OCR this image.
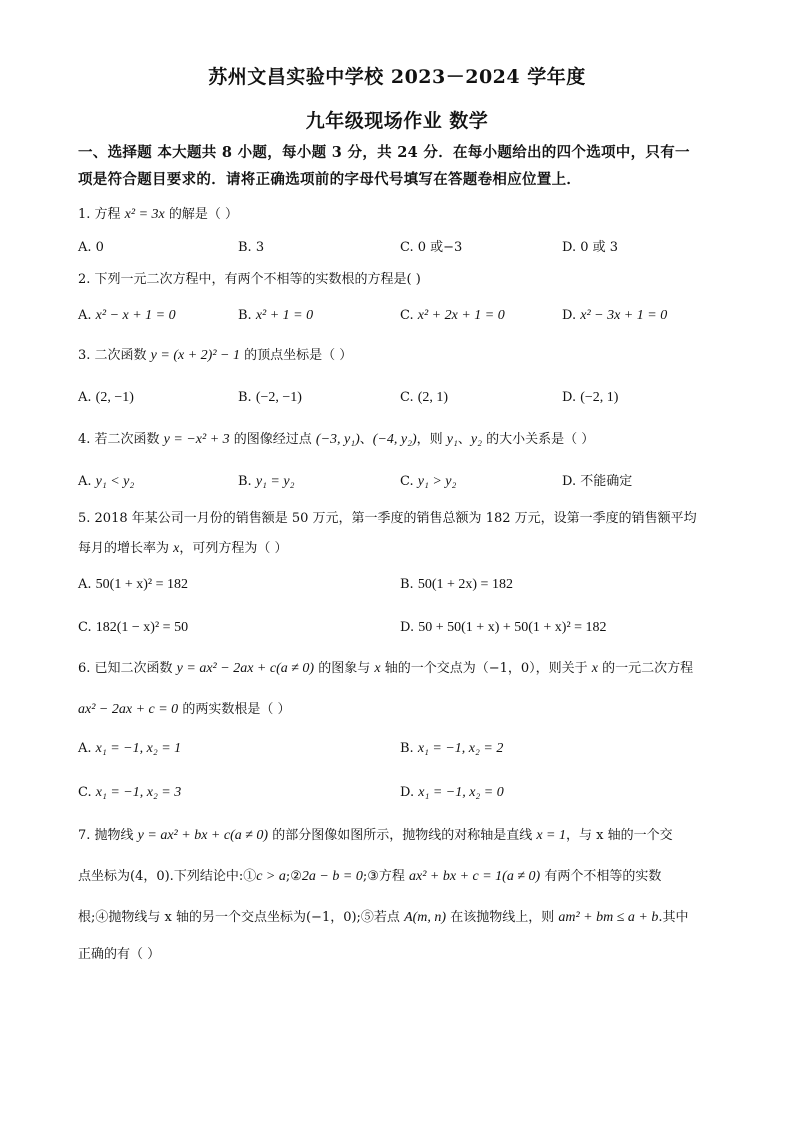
苏州文昌实验中学校 2023－2024 学年度
九年级现场作业 数学
一、选择题 本大题共 8 小题，每小题 3 分，共 24 分．在每小题给出的四个选项中，只有一
项是符合题目要求的．请将正确选项前的字母代号填写在答题卷相应位置上．
1. 方程 x² = 3x 的解是（ ）
A. 0	B. 3	C. 0 或−3	D. 0 或 3
2. 下列一元二次方程中，有两个不相等的实数根的方程是( )
A. x² − x + 1 = 0	B. x² + 1 = 0	C. x² + 2x + 1 = 0	D. x² − 3x + 1 = 0
3. 二次函数 y = (x + 2)² − 1 的顶点坐标是（ ）
A. (2, −1)	B. (−2, −1)	C. (2, 1)	D. (−2, 1)
4. 若二次函数 y = −x² + 3 的图像经过点 (−3, y₁)、(−4, y₂)，则 y₁、y₂ 的大小关系是（ ）
A. y₁ < y₂	B. y₁ = y₂	C. y₁ > y₂	D. 不能确定
5. 2018 年某公司一月份的销售额是 50 万元，第一季度的销售总额为 182 万元，设第一季度的销售额平均
每月的增长率为 x，可列方程为（ ）
A. 50(1 + x)² = 182	B. 50(1 + 2x) = 182
C. 182(1 − x)² = 50	D. 50 + 50(1 + x) + 50(1 + x)² = 182
6. 已知二次函数 y = ax² − 2ax + c(a ≠ 0) 的图象与 x 轴的一个交点为（−1，0），则关于 x 的一元二次方程
ax² − 2ax + c = 0 的两实数根是（ ）
A. x₁ = −1, x₂ = 1	B. x₁ = −1, x₂ = 2
C. x₁ = −1, x₂ = 3	D. x₁ = −1, x₂ = 0
7. 抛物线 y = ax² + bx + c(a ≠ 0) 的部分图像如图所示，抛物线的对称轴是直线 x = 1，与 x 轴的一个交
点坐标为(4，0).下列结论中:①c > a;②2a − b = 0;③方程 ax² + bx + c = 1(a ≠ 0) 有两个不相等的实数
根;④抛物线与 x 轴的另一个交点坐标为(−1，0);⑤若点 A(m, n) 在该抛物线上，则 am² + bm ≤ a + b.其中
正确的有（ ）
